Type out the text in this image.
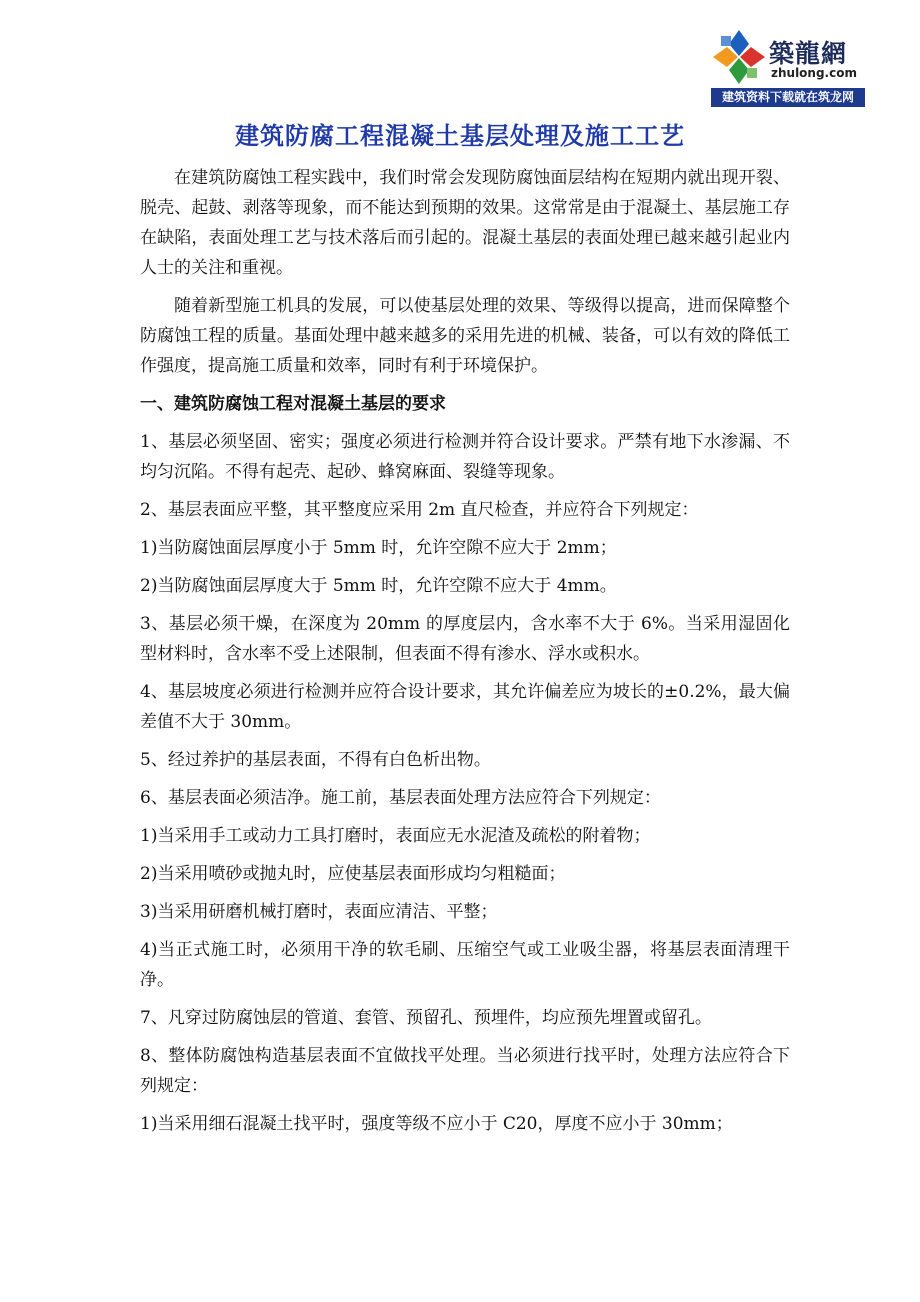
築龍網
zhulong.com
建筑资料下载就在筑龙网
建筑防腐工程混凝土基层处理及施工工艺

在建筑防腐蚀工程实践中，我们时常会发现防腐蚀面层结构在短期内就出现开裂、脱壳、起鼓、剥落等现象，而不能达到预期的效果。这常常是由于混凝土、基层施工存在缺陷，表面处理工艺与技术落后而引起的。混凝土基层的表面处理已越来越引起业内人士的关注和重视。

随着新型施工机具的发展，可以使基层处理的效果、等级得以提高，进而保障整个防腐蚀工程的质量。基面处理中越来越多的采用先进的机械、装备，可以有效的降低工作强度，提高施工质量和效率，同时有利于环境保护。

一、建筑防腐蚀工程对混凝土基层的要求

1、基层必须坚固、密实；强度必须进行检测并符合设计要求。严禁有地下水渗漏、不均匀沉陷。不得有起壳、起砂、蜂窝麻面、裂缝等现象。

2、基层表面应平整，其平整度应采用 2m 直尺检查，并应符合下列规定：

1)当防腐蚀面层厚度小于 5mm 时，允许空隙不应大于 2mm；

2)当防腐蚀面层厚度大于 5mm 时，允许空隙不应大于 4mm。

3、基层必须干燥，在深度为 20mm 的厚度层内，含水率不大于 6%。当采用湿固化型材料时，含水率不受上述限制，但表面不得有渗水、浮水或积水。

4、基层坡度必须进行检测并应符合设计要求，其允许偏差应为坡长的±0.2%，最大偏差值不大于 30mm。

5、经过养护的基层表面，不得有白色析出物。

6、基层表面必须洁净。施工前，基层表面处理方法应符合下列规定：

1)当采用手工或动力工具打磨时，表面应无水泥渣及疏松的附着物；

2)当采用喷砂或抛丸时，应使基层表面形成均匀粗糙面；

3)当采用研磨机械打磨时，表面应清洁、平整；

4)当正式施工时，必须用干净的软毛刷、压缩空气或工业吸尘器，将基层表面清理干净。

7、凡穿过防腐蚀层的管道、套管、预留孔、预埋件，均应预先埋置或留孔。

8、整体防腐蚀构造基层表面不宜做找平处理。当必须进行找平时，处理方法应符合下列规定：

1)当采用细石混凝土找平时，强度等级不应小于 C20，厚度不应小于 30mm；
